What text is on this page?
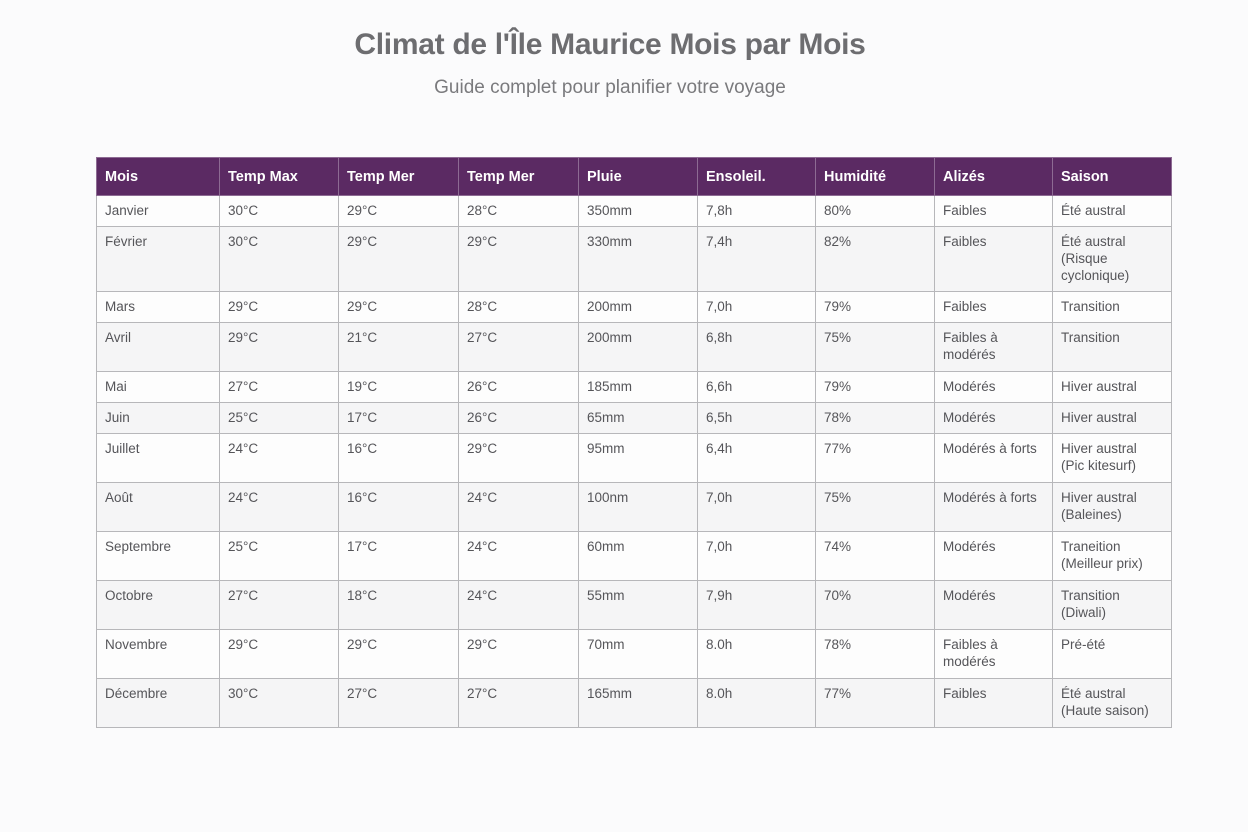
Climat de l'Île Maurice Mois par Mois
Guide complet pour planifier votre voyage
Mois	Temp Max	Temp Mer	Temp Mer	Pluie	Ensoleil.	Humidité	Alizés	Saison
Janvier	30°C	29°C	28°C	350mm	7,8h	80%	Faibles	Été austral
Février	30°C	29°C	29°C	330mm	7,4h	82%	Faibles	Été austral (Risque cyclonique)
Mars	29°C	29°C	28°C	200mm	7,0h	79%	Faibles	Transition
Avril	29°C	21°C	27°C	200mm	6,8h	75%	Faibles à modérés	Transition
Mai	27°C	19°C	26°C	185mm	6,6h	79%	Modérés	Hiver austral
Juin	25°C	17°C	26°C	65mm	6,5h	78%	Modérés	Hiver austral
Juillet	24°C	16°C	29°C	95mm	6,4h	77%	Modérés à forts	Hiver austral (Pic kitesurf)
Août	24°C	16°C	24°C	100nm	7,0h	75%	Modérés à forts	Hiver austral (Baleines)
Septembre	25°C	17°C	24°C	60mm	7,0h	74%	Modérés	Traneition (Meilleur prix)
Octobre	27°C	18°C	24°C	55mm	7,9h	70%	Modérés	Transition (Diwali)
Novembre	29°C	29°C	29°C	70mm	8.0h	78%	Faibles à modérés	Pré-été
Décembre	30°C	27°C	27°C	165mm	8.0h	77%	Faibles	Été austral (Haute saison)
